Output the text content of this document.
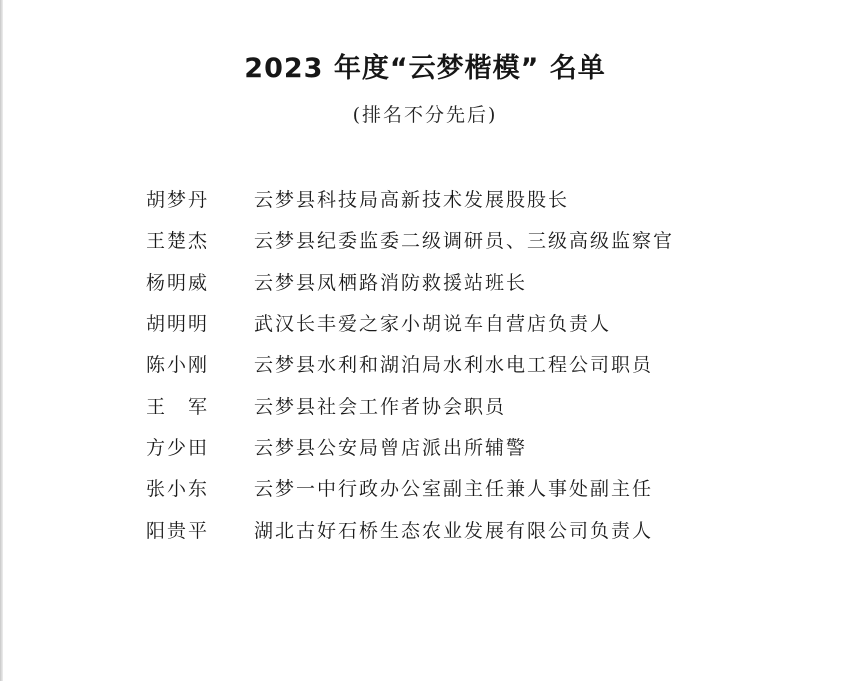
2023 年度“云梦楷模” 名单
(排名不分先后)
胡梦丹	云梦县科技局高新技术发展股股长
王楚杰	云梦县纪委监委二级调研员、三级高级监察官
杨明威	云梦县凤栖路消防救援站班长
胡明明	武汉长丰爱之家小胡说车自营店负责人
陈小刚	云梦县水利和湖泊局水利水电工程公司职员
王　军	云梦县社会工作者协会职员
方少田	云梦县公安局曾店派出所辅警
张小东	云梦一中行政办公室副主任兼人事处副主任
阳贵平	湖北古好石桥生态农业发展有限公司负责人
